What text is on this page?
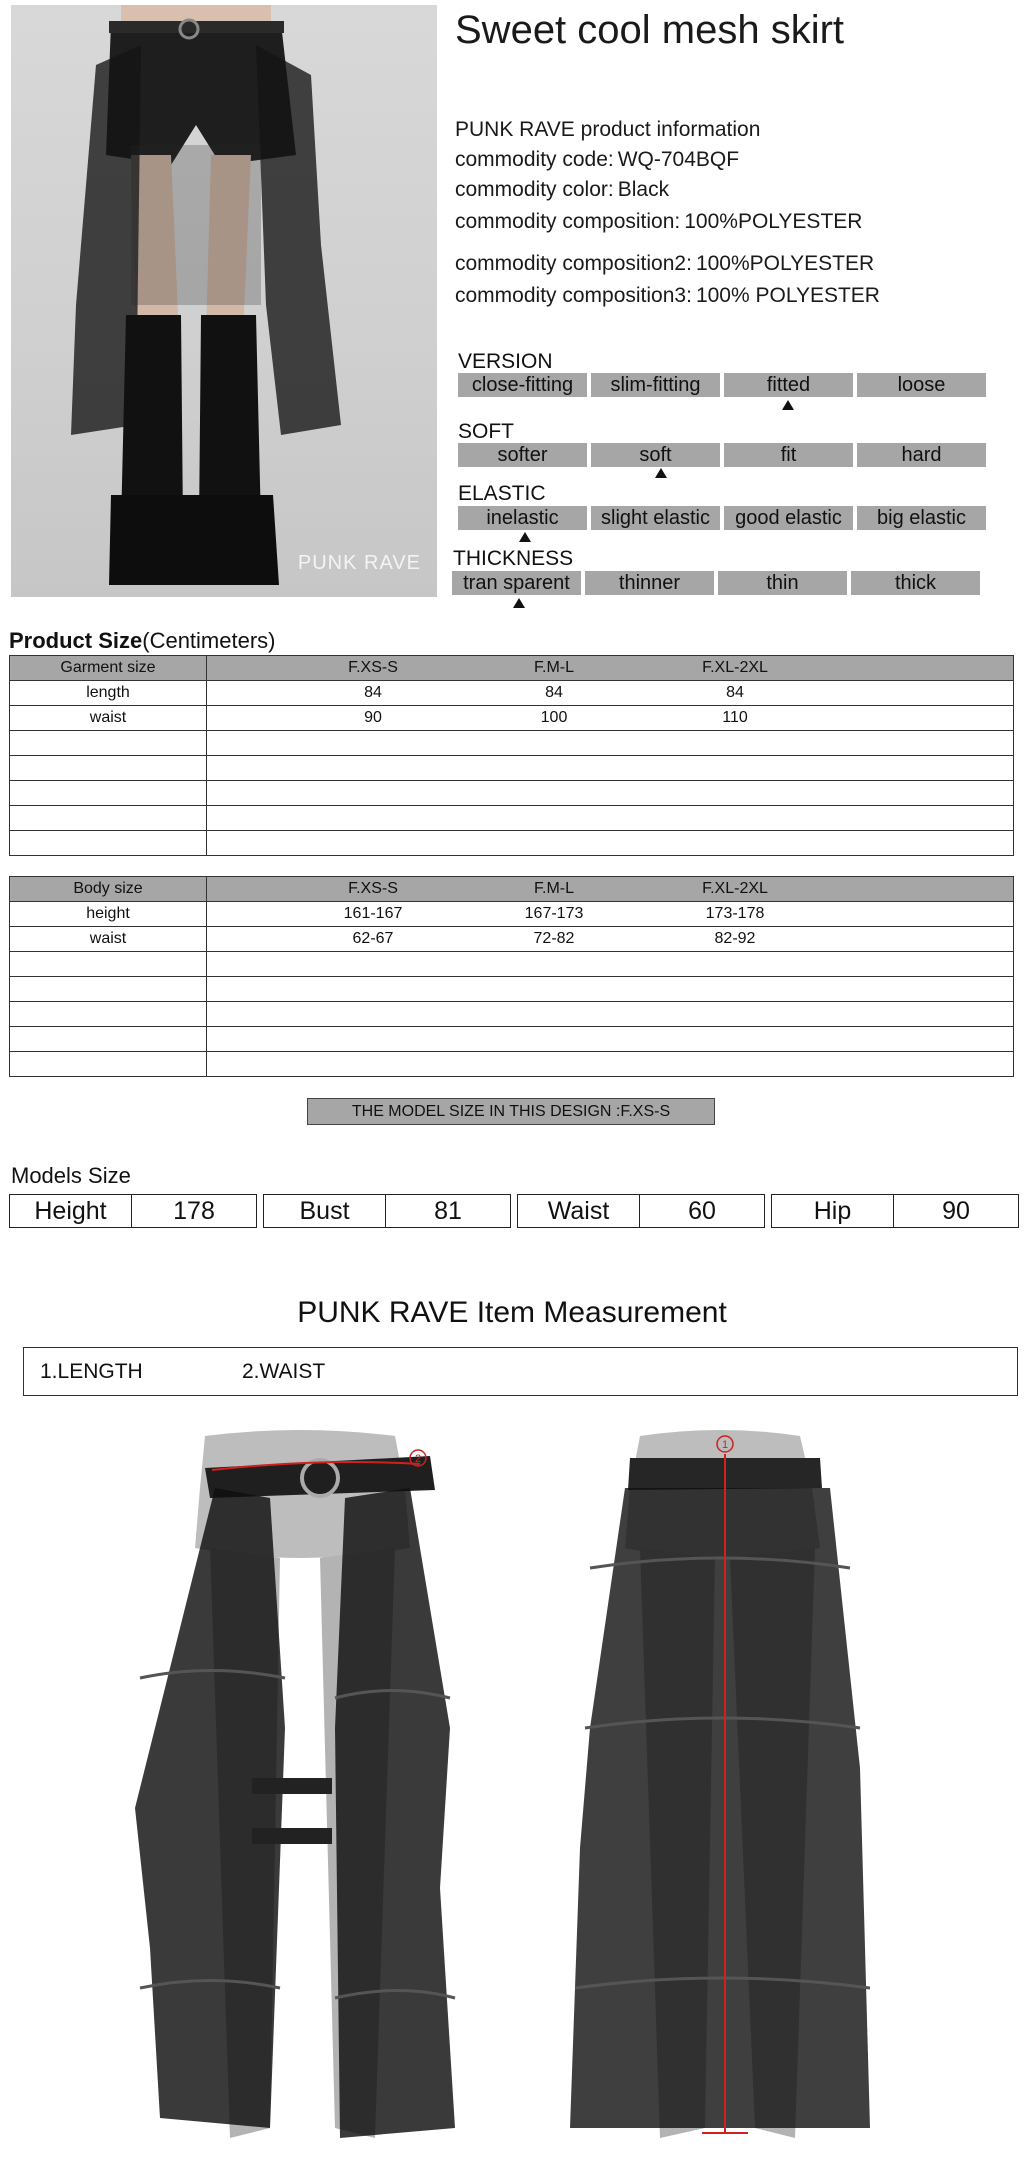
PUNK RAVE
Sweet cool mesh skirt
PUNK RAVE product information
commodity code: WQ-704BQF
commodity color: Black
commodity composition: 100%POLYESTER
commodity composition2: 100%POLYESTER
commodity composition3: 100% POLYESTER
VERSION
close-fitting	slim-fitting	fitted	loose
SOFT
softer	soft	fit	hard
ELASTIC
inelastic	slight elastic	good elastic	big elastic
THICKNESS
tran sparent	thinner	thin	thick
Product Size(Centimeters)
Garment size	F.XS-S F.M-L F.XL-2XL

length	84 84 84

waist	90 100 110

Body size	F.XS-S F.M-L F.XL-2XL

height	161-167 167-173 173-178

waist	62-67 72-82 82-92

THE MODEL SIZE IN THIS DESIGN :F.XS-S
Models Size
Height	178	Bust	81	Waist	60	Hip	90
PUNK RAVE Item Measurement
1.LENGTH	2.WAIST
2
1
